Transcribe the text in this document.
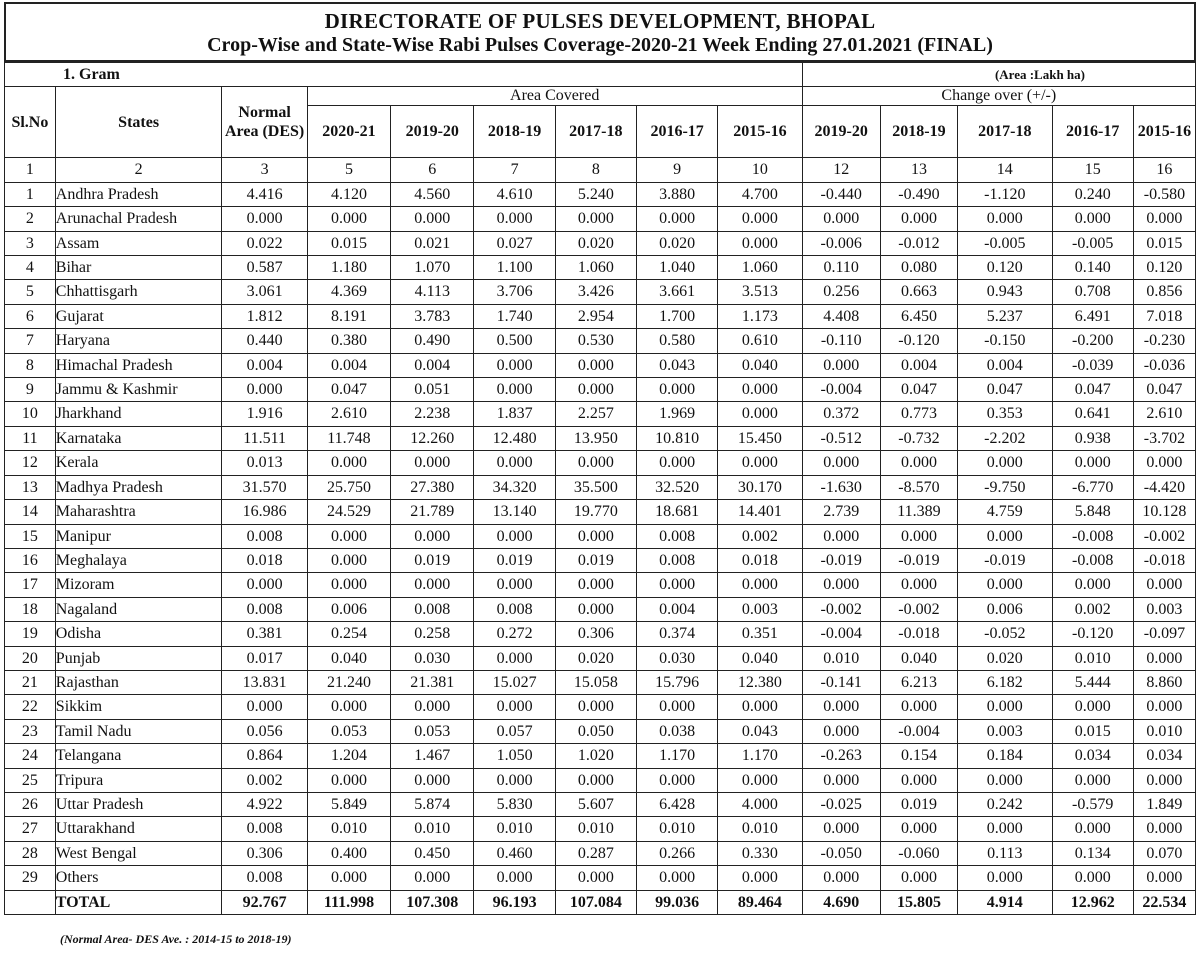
DIRECTORATE OF PULSES DEVELOPMENT, BHOPAL
Crop-Wise and State-Wise Rabi Pulses Coverage-2020-21 Week Ending 27.01.2021 (FINAL)
1. Gram									(Area :Lakh ha)				
Sl.No	States	Normal Area (DES)	Area Covered						Change over (+/-)				
			2020-21	2019-20	2018-19	2017-18	2016-17	2015-16	2019-20	2018-19	2017-18	2016-17	2015-16
1	2	3	5	6	7	8	9	10	12	13	14	15	16
1	Andhra Pradesh	4.416	4.120	4.560	4.610	5.240	3.880	4.700	-0.440	-0.490	-1.120	0.240	-0.580
2	Arunachal Pradesh	0.000	0.000	0.000	0.000	0.000	0.000	0.000	0.000	0.000	0.000	0.000	0.000
3	Assam	0.022	0.015	0.021	0.027	0.020	0.020	0.000	-0.006	-0.012	-0.005	-0.005	0.015
4	Bihar	0.587	1.180	1.070	1.100	1.060	1.040	1.060	0.110	0.080	0.120	0.140	0.120
5	Chhattisgarh	3.061	4.369	4.113	3.706	3.426	3.661	3.513	0.256	0.663	0.943	0.708	0.856
6	Gujarat	1.812	8.191	3.783	1.740	2.954	1.700	1.173	4.408	6.450	5.237	6.491	7.018
7	Haryana	0.440	0.380	0.490	0.500	0.530	0.580	0.610	-0.110	-0.120	-0.150	-0.200	-0.230
8	Himachal Pradesh	0.004	0.004	0.004	0.000	0.000	0.043	0.040	0.000	0.004	0.004	-0.039	-0.036
9	Jammu & Kashmir	0.000	0.047	0.051	0.000	0.000	0.000	0.000	-0.004	0.047	0.047	0.047	0.047
10	Jharkhand	1.916	2.610	2.238	1.837	2.257	1.969	0.000	0.372	0.773	0.353	0.641	2.610
11	Karnataka	11.511	11.748	12.260	12.480	13.950	10.810	15.450	-0.512	-0.732	-2.202	0.938	-3.702
12	Kerala	0.013	0.000	0.000	0.000	0.000	0.000	0.000	0.000	0.000	0.000	0.000	0.000
13	Madhya Pradesh	31.570	25.750	27.380	34.320	35.500	32.520	30.170	-1.630	-8.570	-9.750	-6.770	-4.420
14	Maharashtra	16.986	24.529	21.789	13.140	19.770	18.681	14.401	2.739	11.389	4.759	5.848	10.128
15	Manipur	0.008	0.000	0.000	0.000	0.000	0.008	0.002	0.000	0.000	0.000	-0.008	-0.002
16	Meghalaya	0.018	0.000	0.019	0.019	0.019	0.008	0.018	-0.019	-0.019	-0.019	-0.008	-0.018
17	Mizoram	0.000	0.000	0.000	0.000	0.000	0.000	0.000	0.000	0.000	0.000	0.000	0.000
18	Nagaland	0.008	0.006	0.008	0.008	0.000	0.004	0.003	-0.002	-0.002	0.006	0.002	0.003
19	Odisha	0.381	0.254	0.258	0.272	0.306	0.374	0.351	-0.004	-0.018	-0.052	-0.120	-0.097
20	Punjab	0.017	0.040	0.030	0.000	0.020	0.030	0.040	0.010	0.040	0.020	0.010	0.000
21	Rajasthan	13.831	21.240	21.381	15.027	15.058	15.796	12.380	-0.141	6.213	6.182	5.444	8.860
22	Sikkim	0.000	0.000	0.000	0.000	0.000	0.000	0.000	0.000	0.000	0.000	0.000	0.000
23	Tamil Nadu	0.056	0.053	0.053	0.057	0.050	0.038	0.043	0.000	-0.004	0.003	0.015	0.010
24	Telangana	0.864	1.204	1.467	1.050	1.020	1.170	1.170	-0.263	0.154	0.184	0.034	0.034
25	Tripura	0.002	0.000	0.000	0.000	0.000	0.000	0.000	0.000	0.000	0.000	0.000	0.000
26	Uttar Pradesh	4.922	5.849	5.874	5.830	5.607	6.428	4.000	-0.025	0.019	0.242	-0.579	1.849
27	Uttarakhand	0.008	0.010	0.010	0.010	0.010	0.010	0.010	0.000	0.000	0.000	0.000	0.000
28	West Bengal	0.306	0.400	0.450	0.460	0.287	0.266	0.330	-0.050	-0.060	0.113	0.134	0.070
29	Others	0.008	0.000	0.000	0.000	0.000	0.000	0.000	0.000	0.000	0.000	0.000	0.000
	TOTAL	92.767	111.998	107.308	96.193	107.084	99.036	89.464	4.690	15.805	4.914	12.962	22.534
(Normal Area- DES Ave. : 2014-15 to 2018-19)
